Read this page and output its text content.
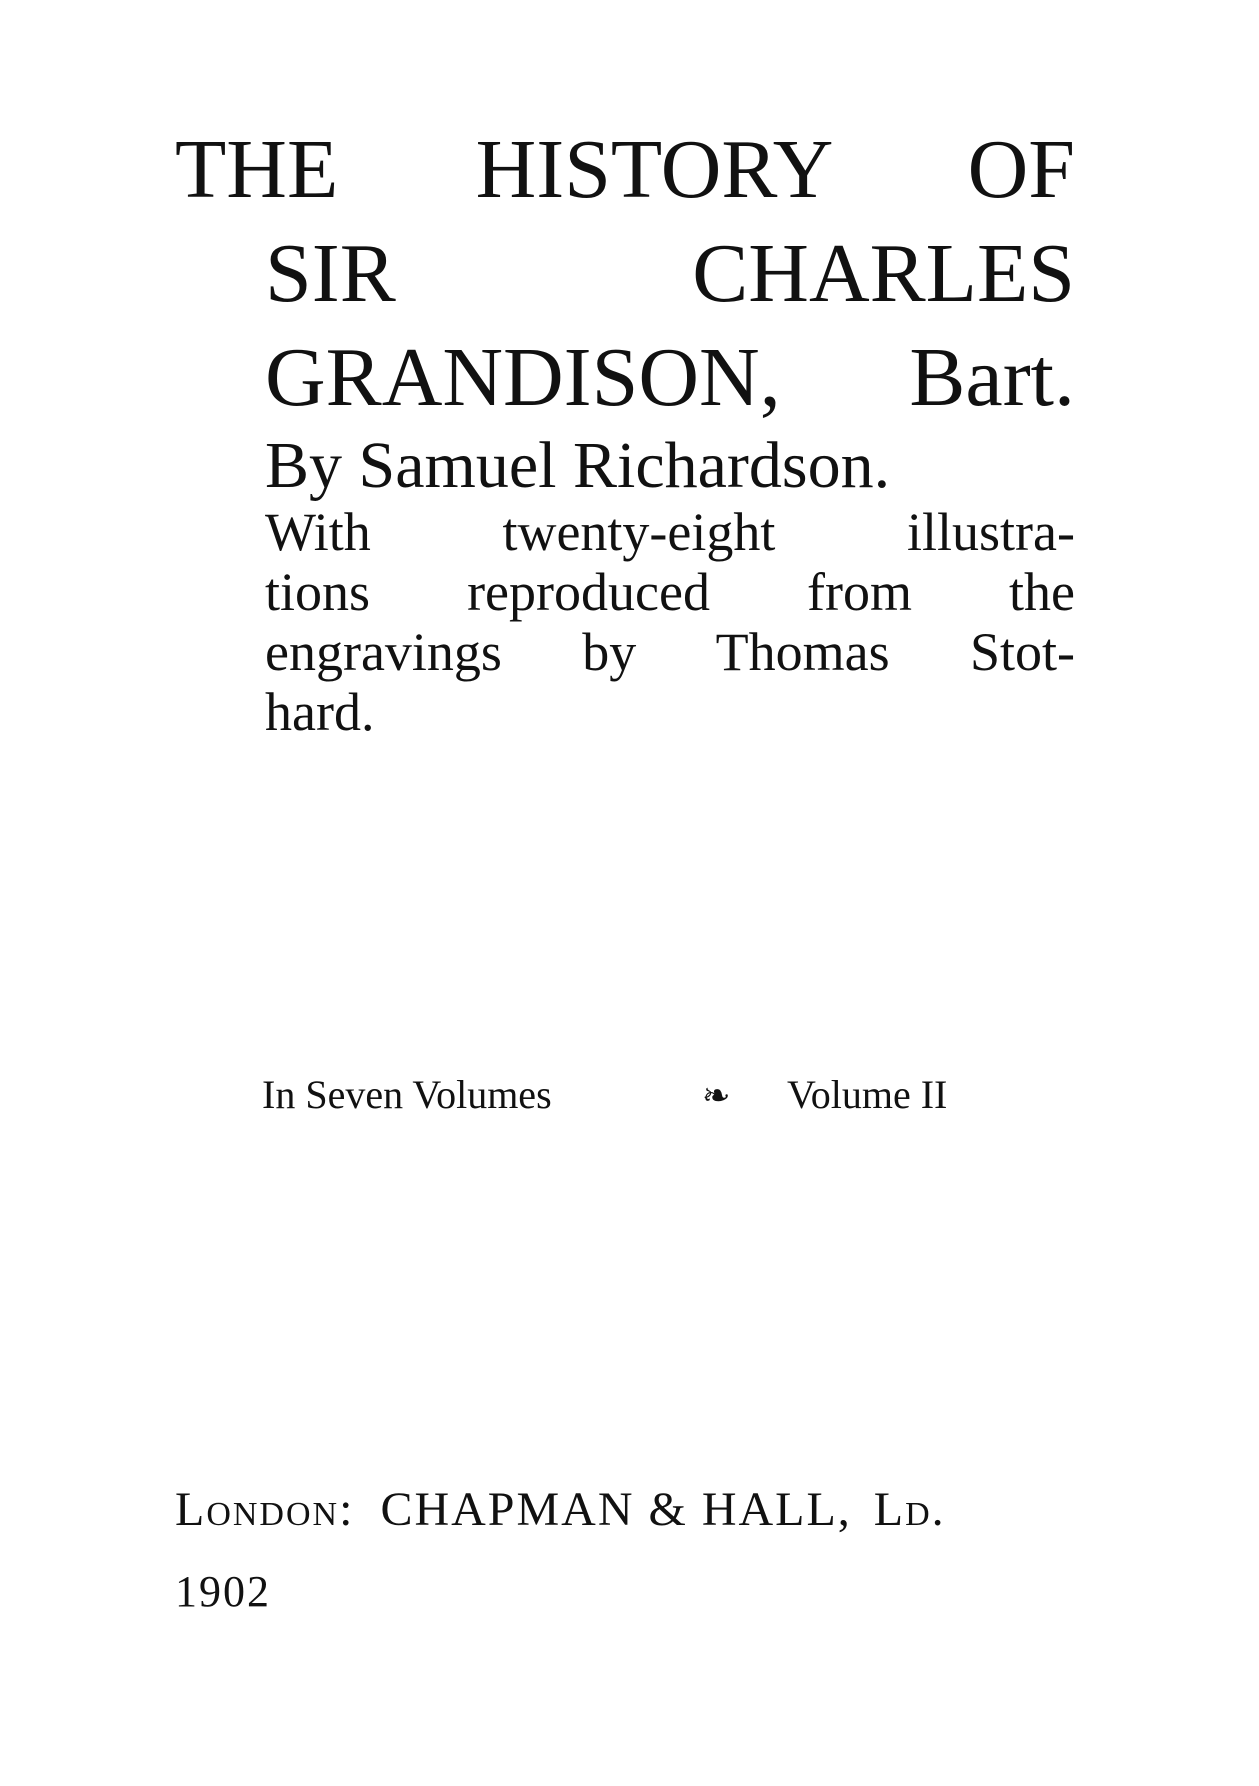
THE HISTORY OF
SIR CHARLES
GRANDISON, Bart.
By Samuel Richardson.
With twenty-eight illustra-
tions reproduced from the
engravings by Thomas Stot-
hard.
In Seven Volumes	❧ Volume II
London: CHAPMAN & HALL, Ld.
1902
